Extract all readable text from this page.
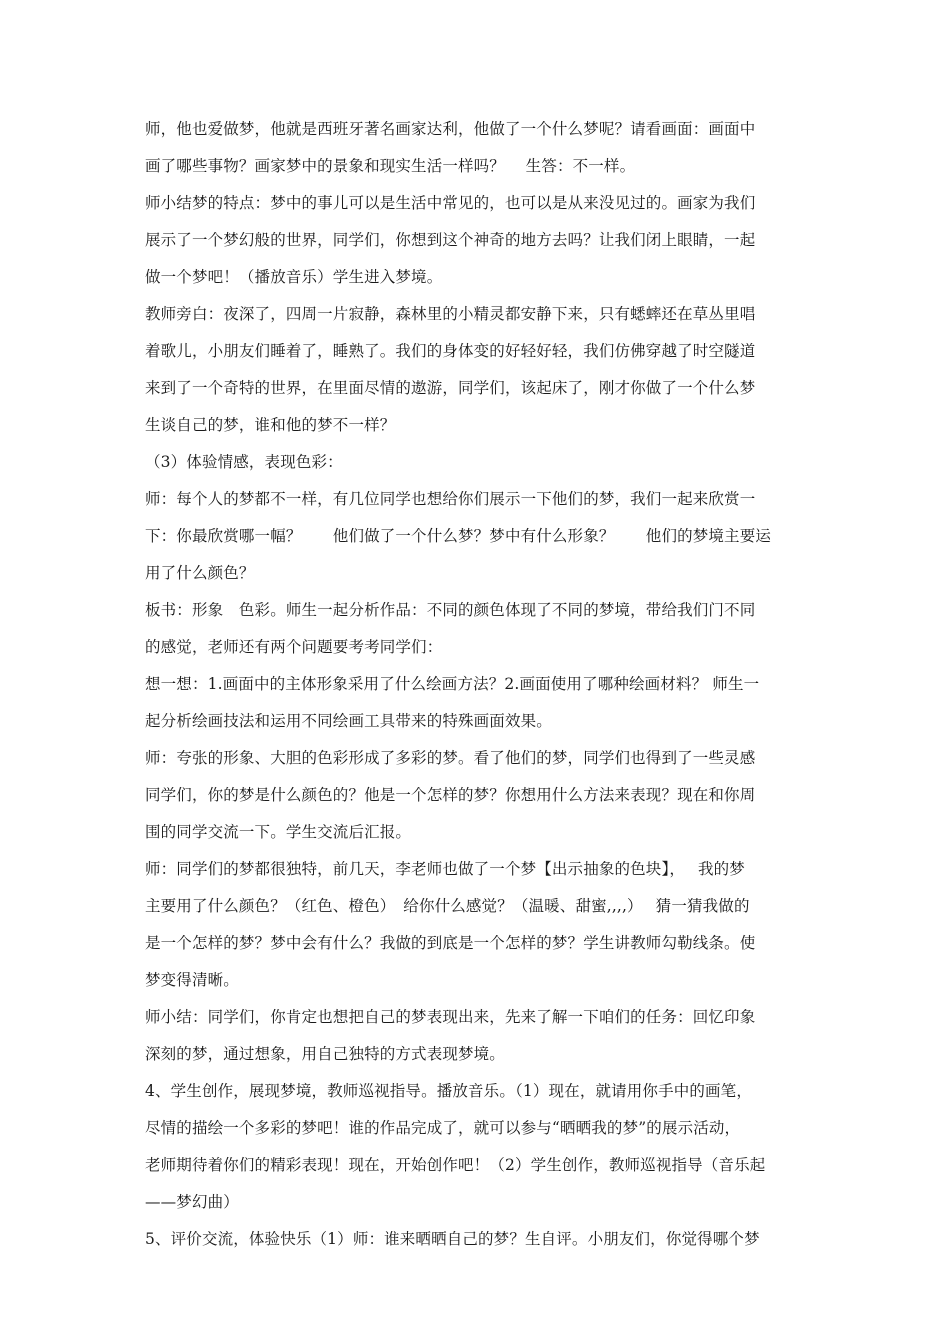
师，他也爱做梦，他就是西班牙著名画家达利，他做了一个什么梦呢？请看画面：画面中

画了哪些事物？画家梦中的景象和现实生活一样吗？　 生答：不一样。

师小结梦的特点：梦中的事儿可以是生活中常见的，也可以是从来没见过的。画家为我们

展示了一个梦幻般的世界，同学们，你想到这个神奇的地方去吗？让我们闭上眼睛，一起

做一个梦吧！（播放音乐）学生进入梦境。

教师旁白：夜深了，四周一片寂静，森林里的小精灵都安静下来，只有蟋蟀还在草丛里唱

着歌儿，小朋友们睡着了，睡熟了。我们的身体变的好轻好轻，我们仿佛穿越了时空隧道

来到了一个奇特的世界，在里面尽情的遨游，同学们，该起床了，刚才你做了一个什么梦

生谈自己的梦，谁和他的梦不一样？

（3）体验情感，表现色彩：

师：每个人的梦都不一样，有几位同学也想给你们展示一下他们的梦，我们一起来欣赏一

下：你最欣赏哪一幅？　　他们做了一个什么梦？梦中有什么形象？　　他们的梦境主要运

用了什么颜色？

板书：形象　色彩。师生一起分析作品：不同的颜色体现了不同的梦境，带给我们门不同

的感觉，老师还有两个问题要考考同学们：

想一想：1.画面中的主体形象采用了什么绘画方法？2.画面使用了哪种绘画材料？ 师生一

起分析绘画技法和运用不同绘画工具带来的特殊画面效果。

师：夸张的形象、大胆的色彩形成了多彩的梦。看了他们的梦，同学们也得到了一些灵感

同学们，你的梦是什么颜色的？他是一个怎样的梦？你想用什么方法来表现？现在和你周

围的同学交流一下。学生交流后汇报。

师：同学们的梦都很独特，前几天，李老师也做了一个梦【出示抽象的色块】，　 我的梦

主要用了什么颜色？（红色、橙色）　给你什么感觉？（温暖、甜蜜,,,,）　 猜一猜我做的

是一个怎样的梦？梦中会有什么？我做的到底是一个怎样的梦？学生讲教师勾勒线条。使

梦变得清晰。

师小结：同学们，你肯定也想把自己的梦表现出来，先来了解一下咱们的任务：回忆印象

深刻的梦，通过想象，用自己独特的方式表现梦境。

4、学生创作，展现梦境，教师巡视指导。播放音乐。（1）现在，就请用你手中的画笔，

尽情的描绘一个多彩的梦吧！谁的作品完成了，就可以参与“晒晒我的梦”的展示活动，

老师期待着你们的精彩表现！现在，开始创作吧！（2）学生创作，教师巡视指导（音乐起

——梦幻曲）

5、评价交流，体验快乐（1）师：谁来晒晒自己的梦？生自评。小朋友们，你觉得哪个梦
